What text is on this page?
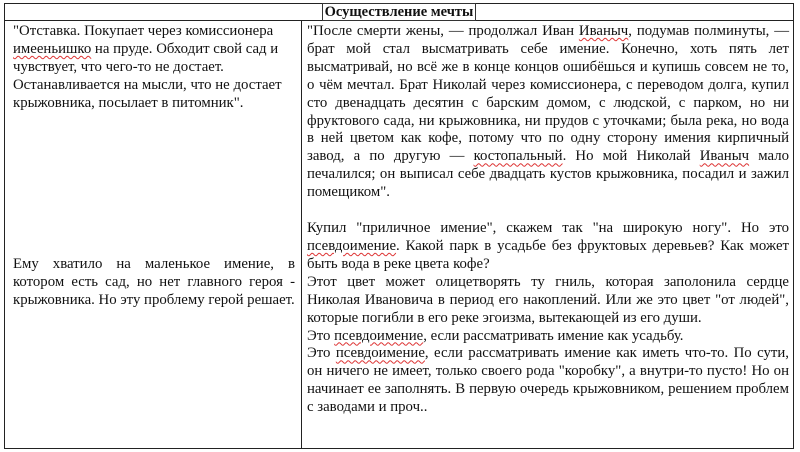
Осуществление мечты
"Отставка. Покупает через комиссионера имееньишко на пруде. Обходит свой сад и чувствует, что чего-то не достает.
Останавливается на мысли, что не достает крыжовника, посылает в питомник".
Ему хватило на маленькое имение, в котором есть сад, но нет главного героя - крыжовника. Но эту проблему герой решает.

"После смерти жены, — продолжал Иван Иваныч, подумав полминуты, — брат мой стал высматривать себе имение. Конечно, хоть пять лет высматривай, но всё же в конце концов ошибёшься и купишь совсем не то, о чём мечтал. Брат Николай через комиссионера, с переводом долга, купил сто двенадцать десятин с барским домом, с людской, с парком, но ни фруктового сада, ни крыжовника, ни прудов с уточками; была река, но вода в ней цветом как кофе, потому что по одну сторону имения кирпичный завод, а по другую — костопальный. Но мой Николай Иваныч мало печалился; он выписал себе двадцать кустов крыжовника, посадил и зажил помещиком".

Купил "приличное имение", скажем так "на широкую ногу". Но это псевдоимение. Какой парк в усадьбе без фруктовых деревьев? Как может быть вода в реке цвета кофе?

Этот цвет может олицетворять ту гниль, которая заполонила сердце Николая Ивановича в период его накоплений. Или же это цвет "от людей", которые погибли в его реке эгоизма, вытекающей из его души.

Это псевдоимение, если рассматривать имение как усадьбу.

Это псевдоимение, если рассматривать имение как иметь что-то. По сути, он ничего не имеет, только своего рода "коробку", а внутри-то пусто! Но он начинает ее заполнять. В первую очередь крыжовником, решением проблем с заводами и проч..
